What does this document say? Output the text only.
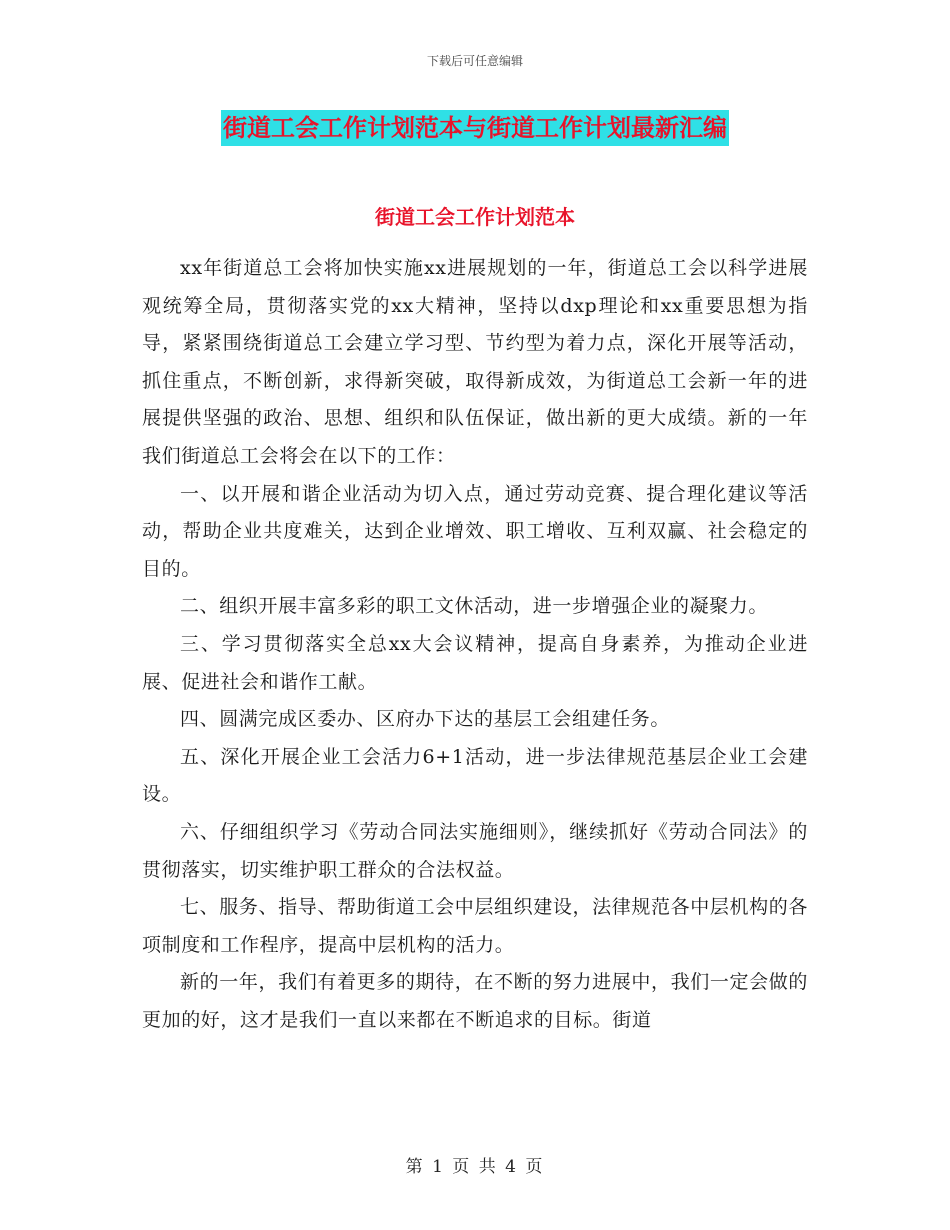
下载后可任意编辑
街道工会工作计划范本与街道工作计划最新汇编
街道工会工作计划范本

xx年街道总工会将加快实施xx进展规划的一年，街道总工会以科学进展观统筹全局，贯彻落实党的xx大精神，坚持以dxp理论和xx重要思想为指导，紧紧围绕街道总工会建立学习型、节约型为着力点，深化开展等活动，抓住重点，不断创新，求得新突破，取得新成效，为街道总工会新一年的进展提供坚强的政治、思想、组织和队伍保证，做出新的更大成绩。新的一年我们街道总工会将会在以下的工作：

一、以开展和谐企业活动为切入点，通过劳动竞赛、提合理化建议等活动，帮助企业共度难关，达到企业增效、职工增收、互利双赢、社会稳定的目的。

二、组织开展丰富多彩的职工文休活动，进一步增强企业的凝聚力。

三、学习贯彻落实全总xx大会议精神，提高自身素养，为推动企业进展、促进社会和谐作工献。

四、圆满完成区委办、区府办下达的基层工会组建任务。

五、深化开展企业工会活力6+1活动，进一步法律规范基层企业工会建设。

六、仔细组织学习《劳动合同法实施细则》，继续抓好《劳动合同法》的贯彻落实，切实维护职工群众的合法权益。

七、服务、指导、帮助街道工会中层组织建设，法律规范各中层机构的各项制度和工作程序，提高中层机构的活力。

新的一年，我们有着更多的期待，在不断的努力进展中，我们一定会做的更加的好，这才是我们一直以来都在不断追求的目标。街道

第 1 页 共 4 页
